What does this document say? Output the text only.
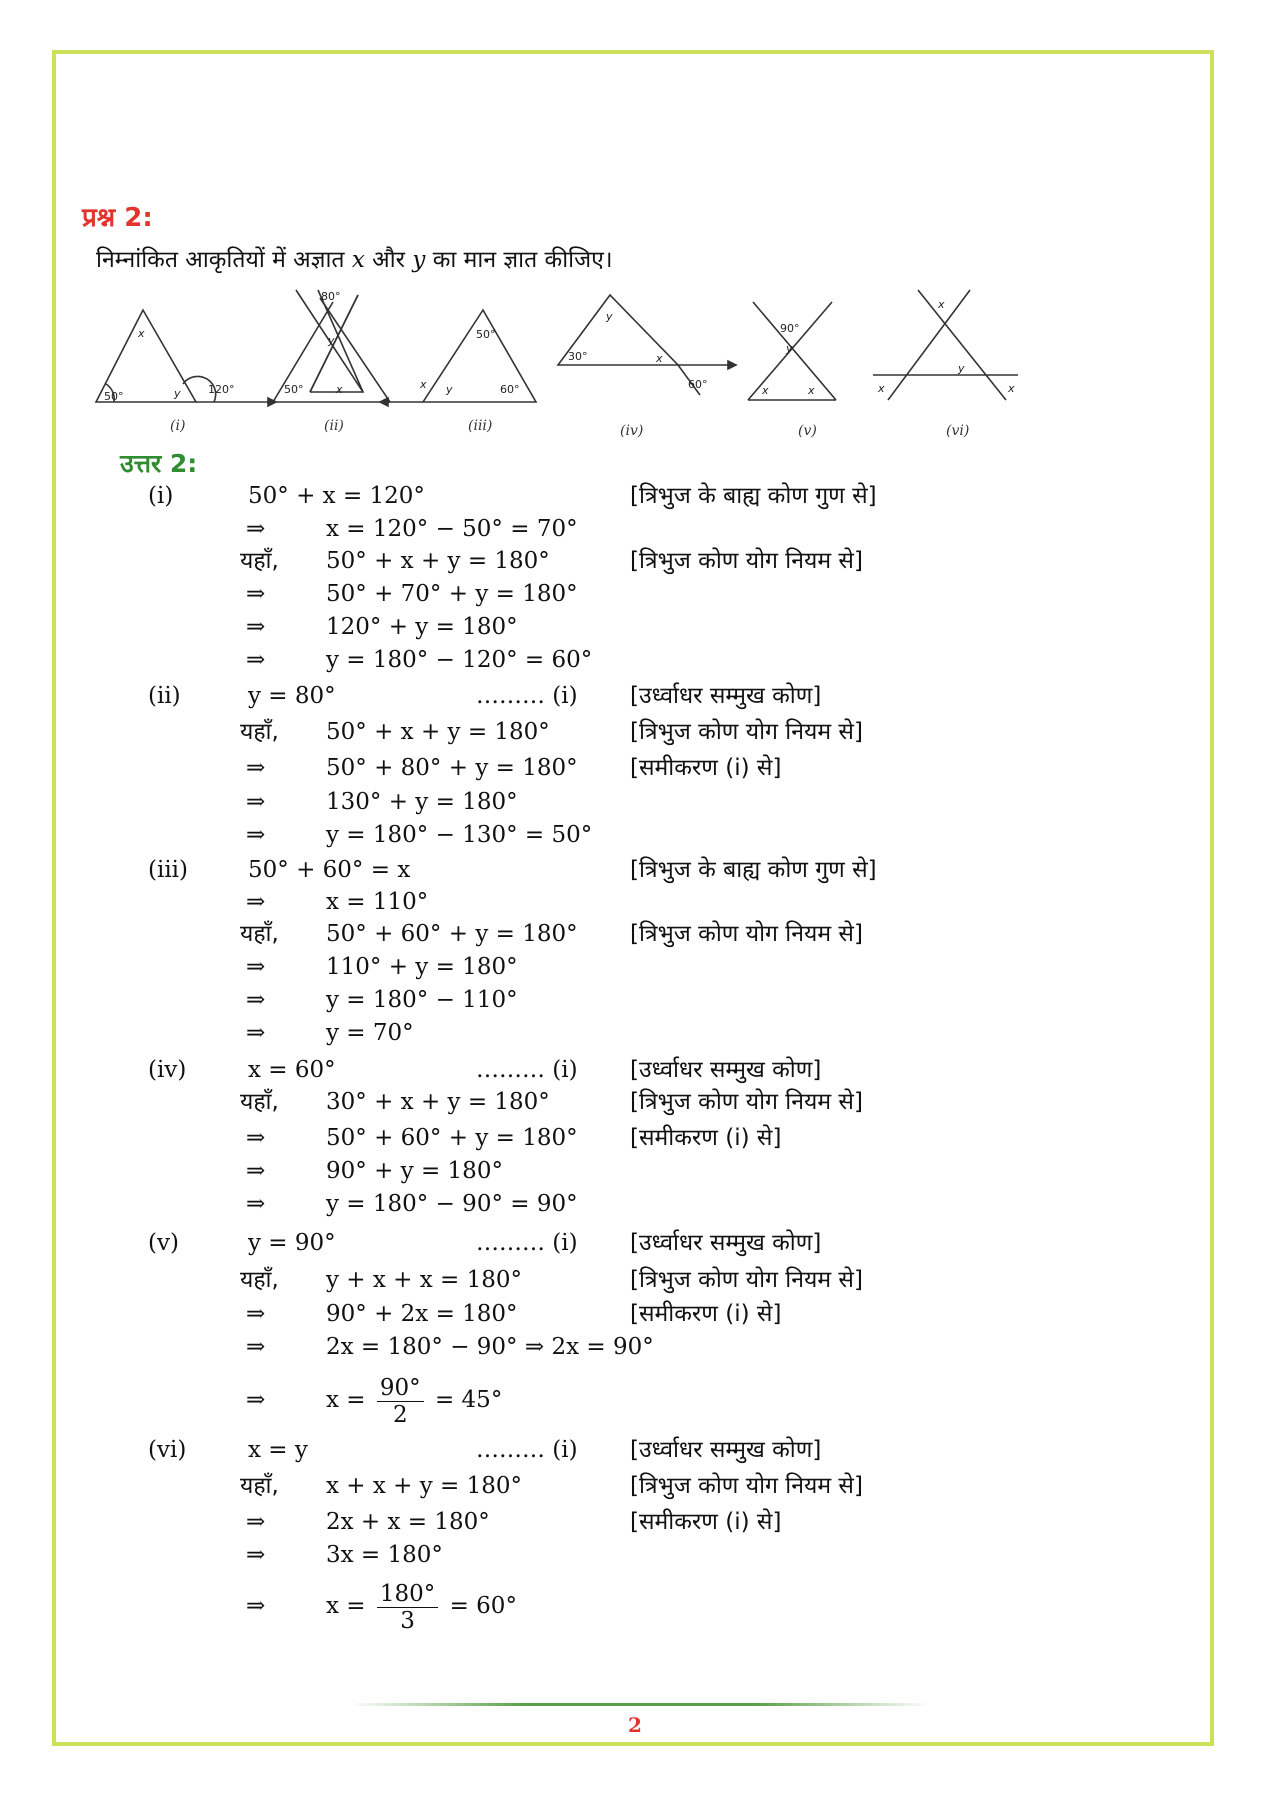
प्रश्न 2:
निम्नांकित आकृतियों में अज्ञात x और y का मान ज्ञात कीजिए।
50°
120°
x
y
80°
50°	x
y	50°
60°
x y
30°
60°
x
y
90°
x	x
y
x
y
x	x
(i)	(ii)	(iii)	(iv)	(v)	(vi)
उत्तर 2:
(i)	50° + x = 120°	[त्रिभुज के बाह्य कोण गुण से]
⇒	x = 120° − 50° = 70°
यहाँ, 50° + x + y = 180°	[त्रिभुज कोण योग नियम से]
⇒	50° + 70° + y = 180°
⇒	120° + y = 180°
⇒	y = 180° − 120° = 60°
(ii)	y = 80°	……… (i) [उर्ध्वाधर सम्मुख कोण]
यहाँ, 50° + x + y = 180°	[त्रिभुज कोण योग नियम से]
⇒	50° + 80° + y = 180° [समीकरण (i) से]
⇒	130° + y = 180°
⇒	y = 180° − 130° = 50°
(iii)	50° + 60° = x	[त्रिभुज के बाह्य कोण गुण से]
⇒	x = 110°
यहाँ, 50° + 60° + y = 180° [त्रिभुज कोण योग नियम से]
⇒	110° + y = 180°
⇒	y = 180° − 110°
⇒	y = 70°
(iv)	x = 60°	……… (i) [उर्ध्वाधर सम्मुख कोण]
यहाँ, 30° + x + y = 180°	[त्रिभुज कोण योग नियम से]
⇒	50° + 60° + y = 180° [समीकरण (i) से]
⇒	90° + y = 180°
⇒	y = 180° − 90° = 90°
(v)	y = 90°	……… (i) [उर्ध्वाधर सम्मुख कोण]
यहाँ, y + x + x = 180°	[त्रिभुज कोण योग नियम से]
⇒	90° + 2x = 180°	[समीकरण (i) से]
⇒	2x = 180° − 90° ⇒ 2x = 90°
⇒	$x = \frac{90^\circ}{2} = 45^\circ$
(vi)	x = y	……… (i) [उर्ध्वाधर सम्मुख कोण]
यहाँ, x + x + y = 180°	[त्रिभुज कोण योग नियम से]
⇒	2x + x = 180°	[समीकरण (i) से]
⇒	3x = 180°
⇒	$x = \frac{180^\circ}{3} = 60^\circ$
2
